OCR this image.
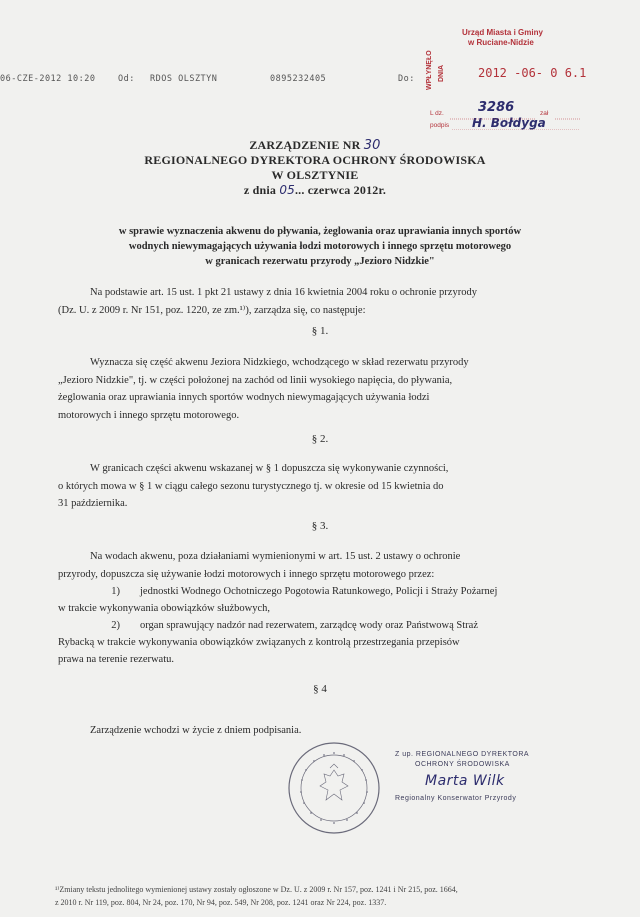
06-CZE-2012 10:20	Od: RDOS OLSZTYN	0895232405	Do:
Urząd Miasta i Gminy
w Ruciane-Nidzie
WPŁYNĘŁO DNIA	2012 -06- 0 6.1
L dz.	3286	zał
podpis H. Bołdyga
ZARZĄDZENIE NR 30
REGIONALNEGO DYREKTORA OCHRONY ŚRODOWISKA
W OLSZTYNIE
z dnia 05... czerwca 2012r.
w sprawie wyznaczenia akwenu do pływania, żeglowania oraz uprawiania innych sportów
wodnych niewymagających używania łodzi motorowych i innego sprzętu motorowego
w granicach rezerwatu przyrody „Jezioro Nidzkie"
Na podstawie art. 15 ust. 1 pkt 21 ustawy z dnia 16 kwietnia 2004 roku o ochronie przyrody
(Dz. U. z 2009 r. Nr 151, poz. 1220, ze zm.¹⁾), zarządza się, co następuje:
§ 1.
Wyznacza się część akwenu Jeziora Nidzkiego, wchodzącego w skład rezerwatu przyrody
„Jezioro Nidzkie", tj. w części położonej na zachód od linii wysokiego napięcia, do pływania,
żeglowania oraz uprawiania innych sportów wodnych niewymagających używania łodzi
motorowych i innego sprzętu motorowego.
§ 2.
W granicach części akwenu wskazanej w § 1 dopuszcza się wykonywanie czynności,
o których mowa w § 1 w ciągu całego sezonu turystycznego tj. w okresie od 15 kwietnia do
31 października.
§ 3.
Na wodach akwenu, poza działaniami wymienionymi w art. 15 ust. 2 ustawy o ochronie
przyrody, dopuszcza się używanie łodzi motorowych i innego sprzętu motorowego przez:
1) jednostki Wodnego Ochotniczego Pogotowia Ratunkowego, Policji i Straży Pożarnej
w trakcie wykonywania obowiązków służbowych,
2) organ sprawujący nadzór nad rezerwatem, zarządcę wody oraz Państwową Straż
Rybacką w trakcie wykonywania obowiązków związanych z kontrolą przestrzegania przepisów
prawa na terenie rezerwatu.
§ 4
Zarządzenie wchodzi w życie z dniem podpisania.
Z up. REGIONALNEGO DYREKTORA
OCHRONY ŚRODOWISKA
Marta Wilk
Regionalny Konserwator Przyrody
¹⁾Zmiany tekstu jednolitego wymienionej ustawy zostały ogłoszone w Dz. U. z 2009 r. Nr 157, poz. 1241 i Nr 215, poz. 1664,
z 2010 r. Nr 119, poz. 804, Nr 24, poz. 170, Nr 94, poz. 549, Nr 208, poz. 1241 oraz Nr 224, poz. 1337.
